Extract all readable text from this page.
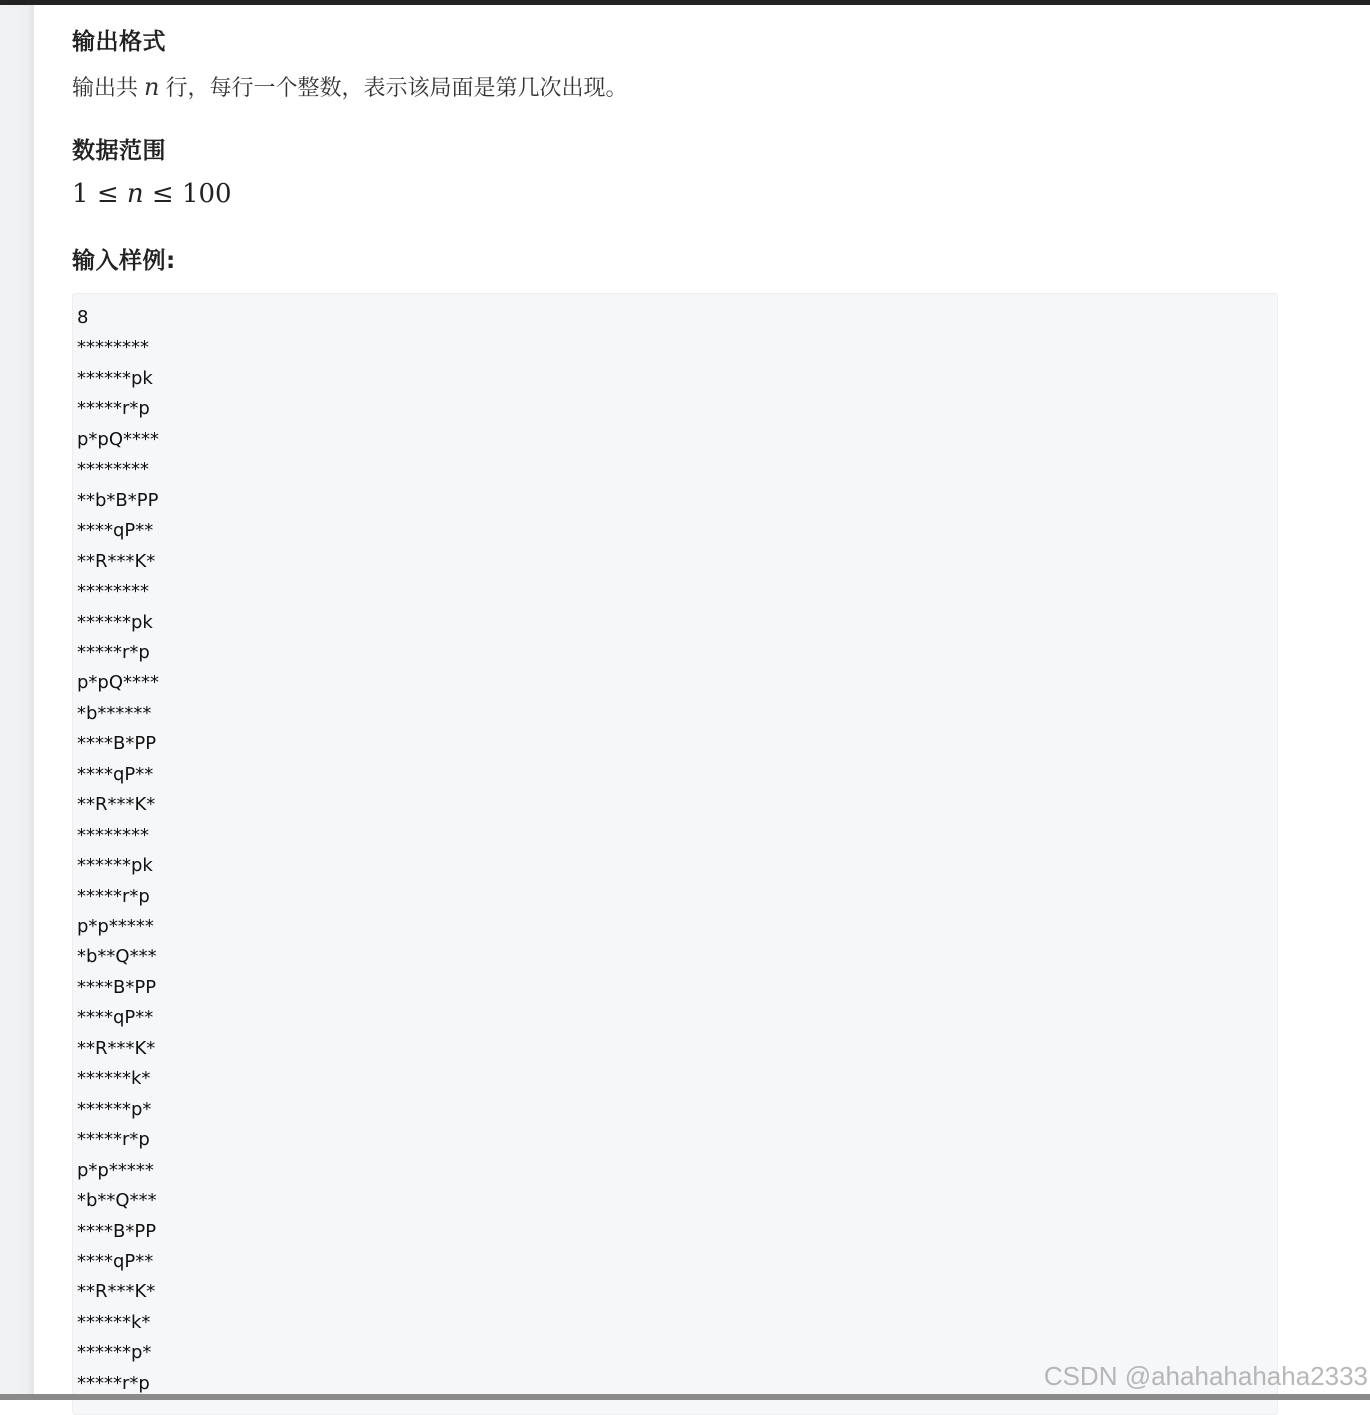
输出格式
输出共 n 行，每行一个整数，表示该局面是第几次出现。
数据范围
1 ≤ n ≤ 100
输入样例:
8
********
******pk
*****r*p
p*pQ****
********
**b*B*PP
****qP**
**R***K*
********
******pk
*****r*p
p*pQ****
*b******
****B*PP
****qP**
**R***K*
********
******pk
*****r*p
p*p*****
*b**Q***
****B*PP
****qP**
**R***K*
******k*
******p*
*****r*p
p*p*****
*b**Q***
****B*PP
****qP**
**R***K*
******k*
******p*
*****r*p	CSDN @ahahahahaha2333
